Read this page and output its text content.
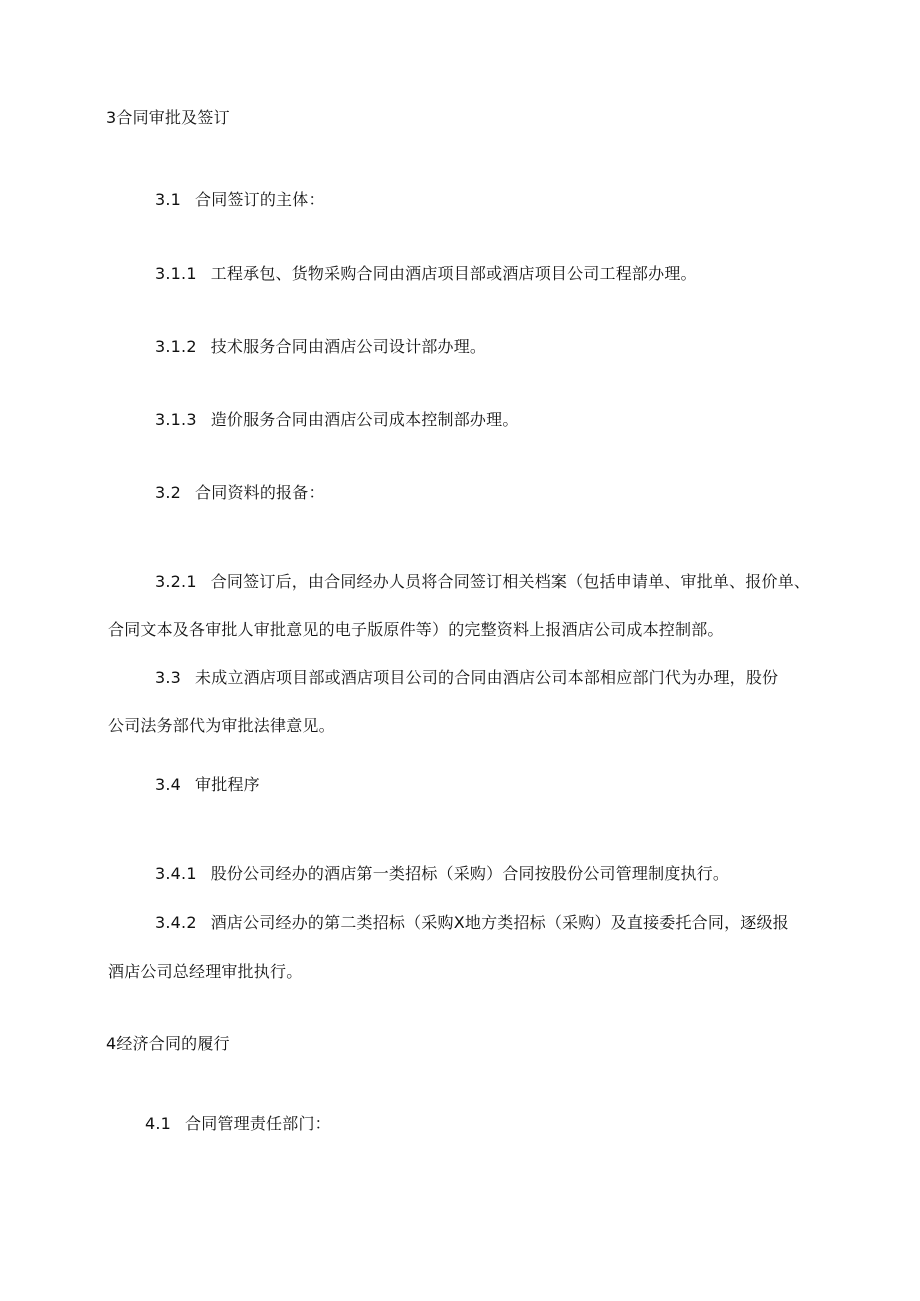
3合同审批及签订
3.1 合同签订的主体：
3.1.1 工程承包、货物采购合同由酒店项目部或酒店项目公司工程部办理。
3.1.2 技术服务合同由酒店公司设计部办理。
3.1.3 造价服务合同由酒店公司成本控制部办理。
3.2 合同资料的报备：
3.2.1 合同签订后，由合同经办人员将合同签订相关档案（包括申请单、审批单、报价单、
合同文本及各审批人审批意见的电子版原件等）的完整资料上报酒店公司成本控制部。
3.3 未成立酒店项目部或酒店项目公司的合同由酒店公司本部相应部门代为办理，股份
公司法务部代为审批法律意见。
3.4 审批程序
3.4.1 股份公司经办的酒店第一类招标（采购）合同按股份公司管理制度执行。
3.4.2 酒店公司经办的第二类招标（采购X地方类招标（采购）及直接委托合同，逐级报
酒店公司总经理审批执行。
4经济合同的履行
4.1 合同管理责任部门：
